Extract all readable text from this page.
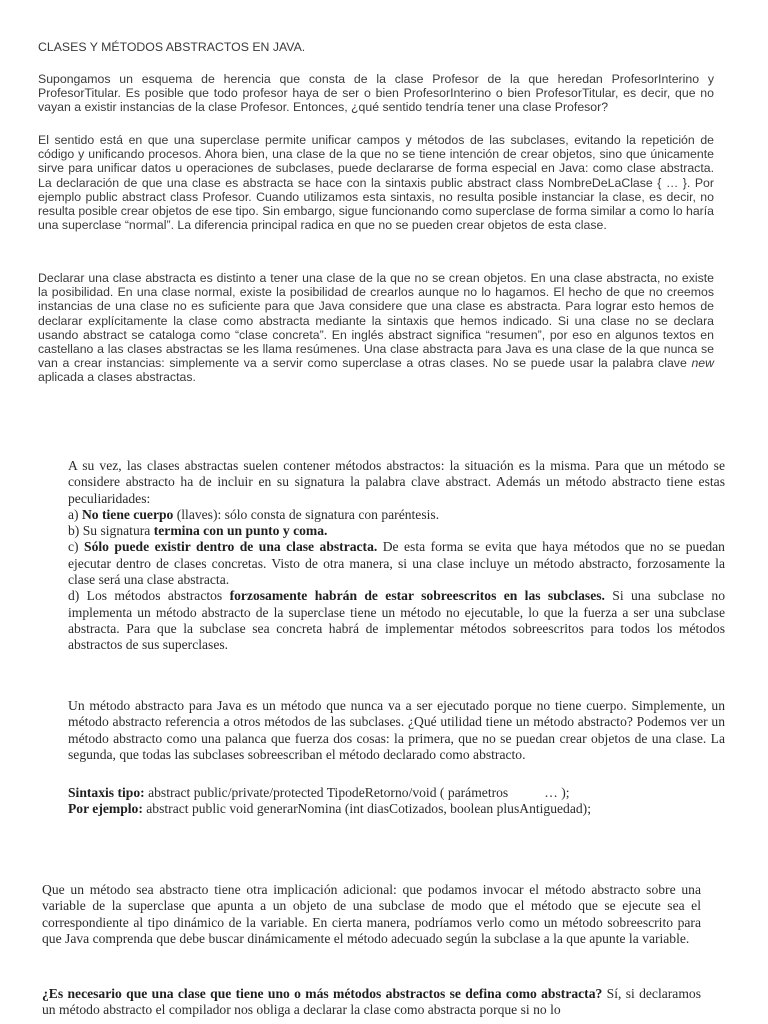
CLASES Y MÉTODOS ABSTRACTOS EN JAVA.

Supongamos un esquema de herencia que consta de la clase Profesor de la que heredan ProfesorInterino y ProfesorTitular. Es posible que todo profesor haya de ser o bien ProfesorInterino o bien ProfesorTitular, es decir, que no vayan a existir instancias de la clase Profesor. Entonces, ¿qué sentido tendría tener una clase Profesor?

El sentido está en que una superclase permite unificar campos y métodos de las subclases, evitando la repetición de código y unificando procesos. Ahora bien, una clase de la que no se tiene intención de crear objetos, sino que únicamente sirve para unificar datos u operaciones de subclases, puede declararse de forma especial en Java: como clase abstracta. La declaración de que una clase es abstracta se hace con la sintaxis public abstract class NombreDeLaClase { … }. Por ejemplo public abstract class Profesor. Cuando utilizamos esta sintaxis, no resulta posible instanciar la clase, es decir, no resulta posible crear objetos de ese tipo. Sin embargo, sigue funcionando como superclase de forma similar a como lo haría una superclase “normal”. La diferencia principal radica en que no se pueden crear objetos de esta clase.

Declarar una clase abstracta es distinto a tener una clase de la que no se crean objetos. En una clase abstracta, no existe la posibilidad. En una clase normal, existe la posibilidad de crearlos aunque no lo hagamos. El hecho de que no creemos instancias de una clase no es suficiente para que Java considere que una clase es abstracta. Para lograr esto hemos de declarar explícitamente la clase como abstracta mediante la sintaxis que hemos indicado. Si una clase no se declara usando abstract se cataloga como “clase concreta”. En inglés abstract significa “resumen”, por eso en algunos textos en castellano a las clases abstractas se les llama resúmenes. Una clase abstracta para Java es una clase de la que nunca se van a crear instancias: simplemente va a servir como superclase a otras clases. No se puede usar la palabra clave new aplicada a clases abstractas.

A su vez, las clases abstractas suelen contener métodos abstractos: la situación es la misma. Para que un método se considere abstracto ha de incluir en su signatura la palabra clave abstract. Además un método abstracto tiene estas peculiaridades:
a) No tiene cuerpo (llaves): sólo consta de signatura con paréntesis.
b) Su signatura termina con un punto y coma.
c) Sólo puede existir dentro de una clase abstracta. De esta forma se evita que haya métodos que no se puedan ejecutar dentro de clases concretas. Visto de otra manera, si una clase incluye un método abstracto, forzosamente la clase será una clase abstracta.
d) Los métodos abstractos forzosamente habrán de estar sobreescritos en las subclases. Si una subclase no implementa un método abstracto de la superclase tiene un método no ejecutable, lo que la fuerza a ser una subclase abstracta. Para que la subclase sea concreta habrá de implementar métodos sobreescritos para todos los métodos abstractos de sus superclases.
Un método abstracto para Java es un método que nunca va a ser ejecutado porque no tiene cuerpo. Simplemente, un método abstracto referencia a otros métodos de las subclases. ¿Qué utilidad tiene un método abstracto? Podemos ver un método abstracto como una palanca que fuerza dos cosas: la primera, que no se puedan crear objetos de una clase. La segunda, que todas las subclases sobreescriban el método declarado como abstracto.
Sintaxis tipo: abstract public/private/protected TipodeRetorno/void ( parámetros	… );
Por ejemplo: abstract public void generarNomina (int diasCotizados, boolean plusAntiguedad);
Que un método sea abstracto tiene otra implicación adicional: que podamos invocar el método abstracto sobre una variable de la superclase que apunta a un objeto de una subclase de modo que el método que se ejecute sea el correspondiente al tipo dinámico de la variable. En cierta manera, podríamos verlo como un método sobreescrito para que Java comprenda que debe buscar dinámicamente el método adecuado según la subclase a la que apunte la variable.
¿Es necesario que una clase que tiene uno o más métodos abstractos se defina como abstracta? Sí, si declaramos un método abstracto el compilador nos obliga a declarar la clase como abstracta porque si no lo
